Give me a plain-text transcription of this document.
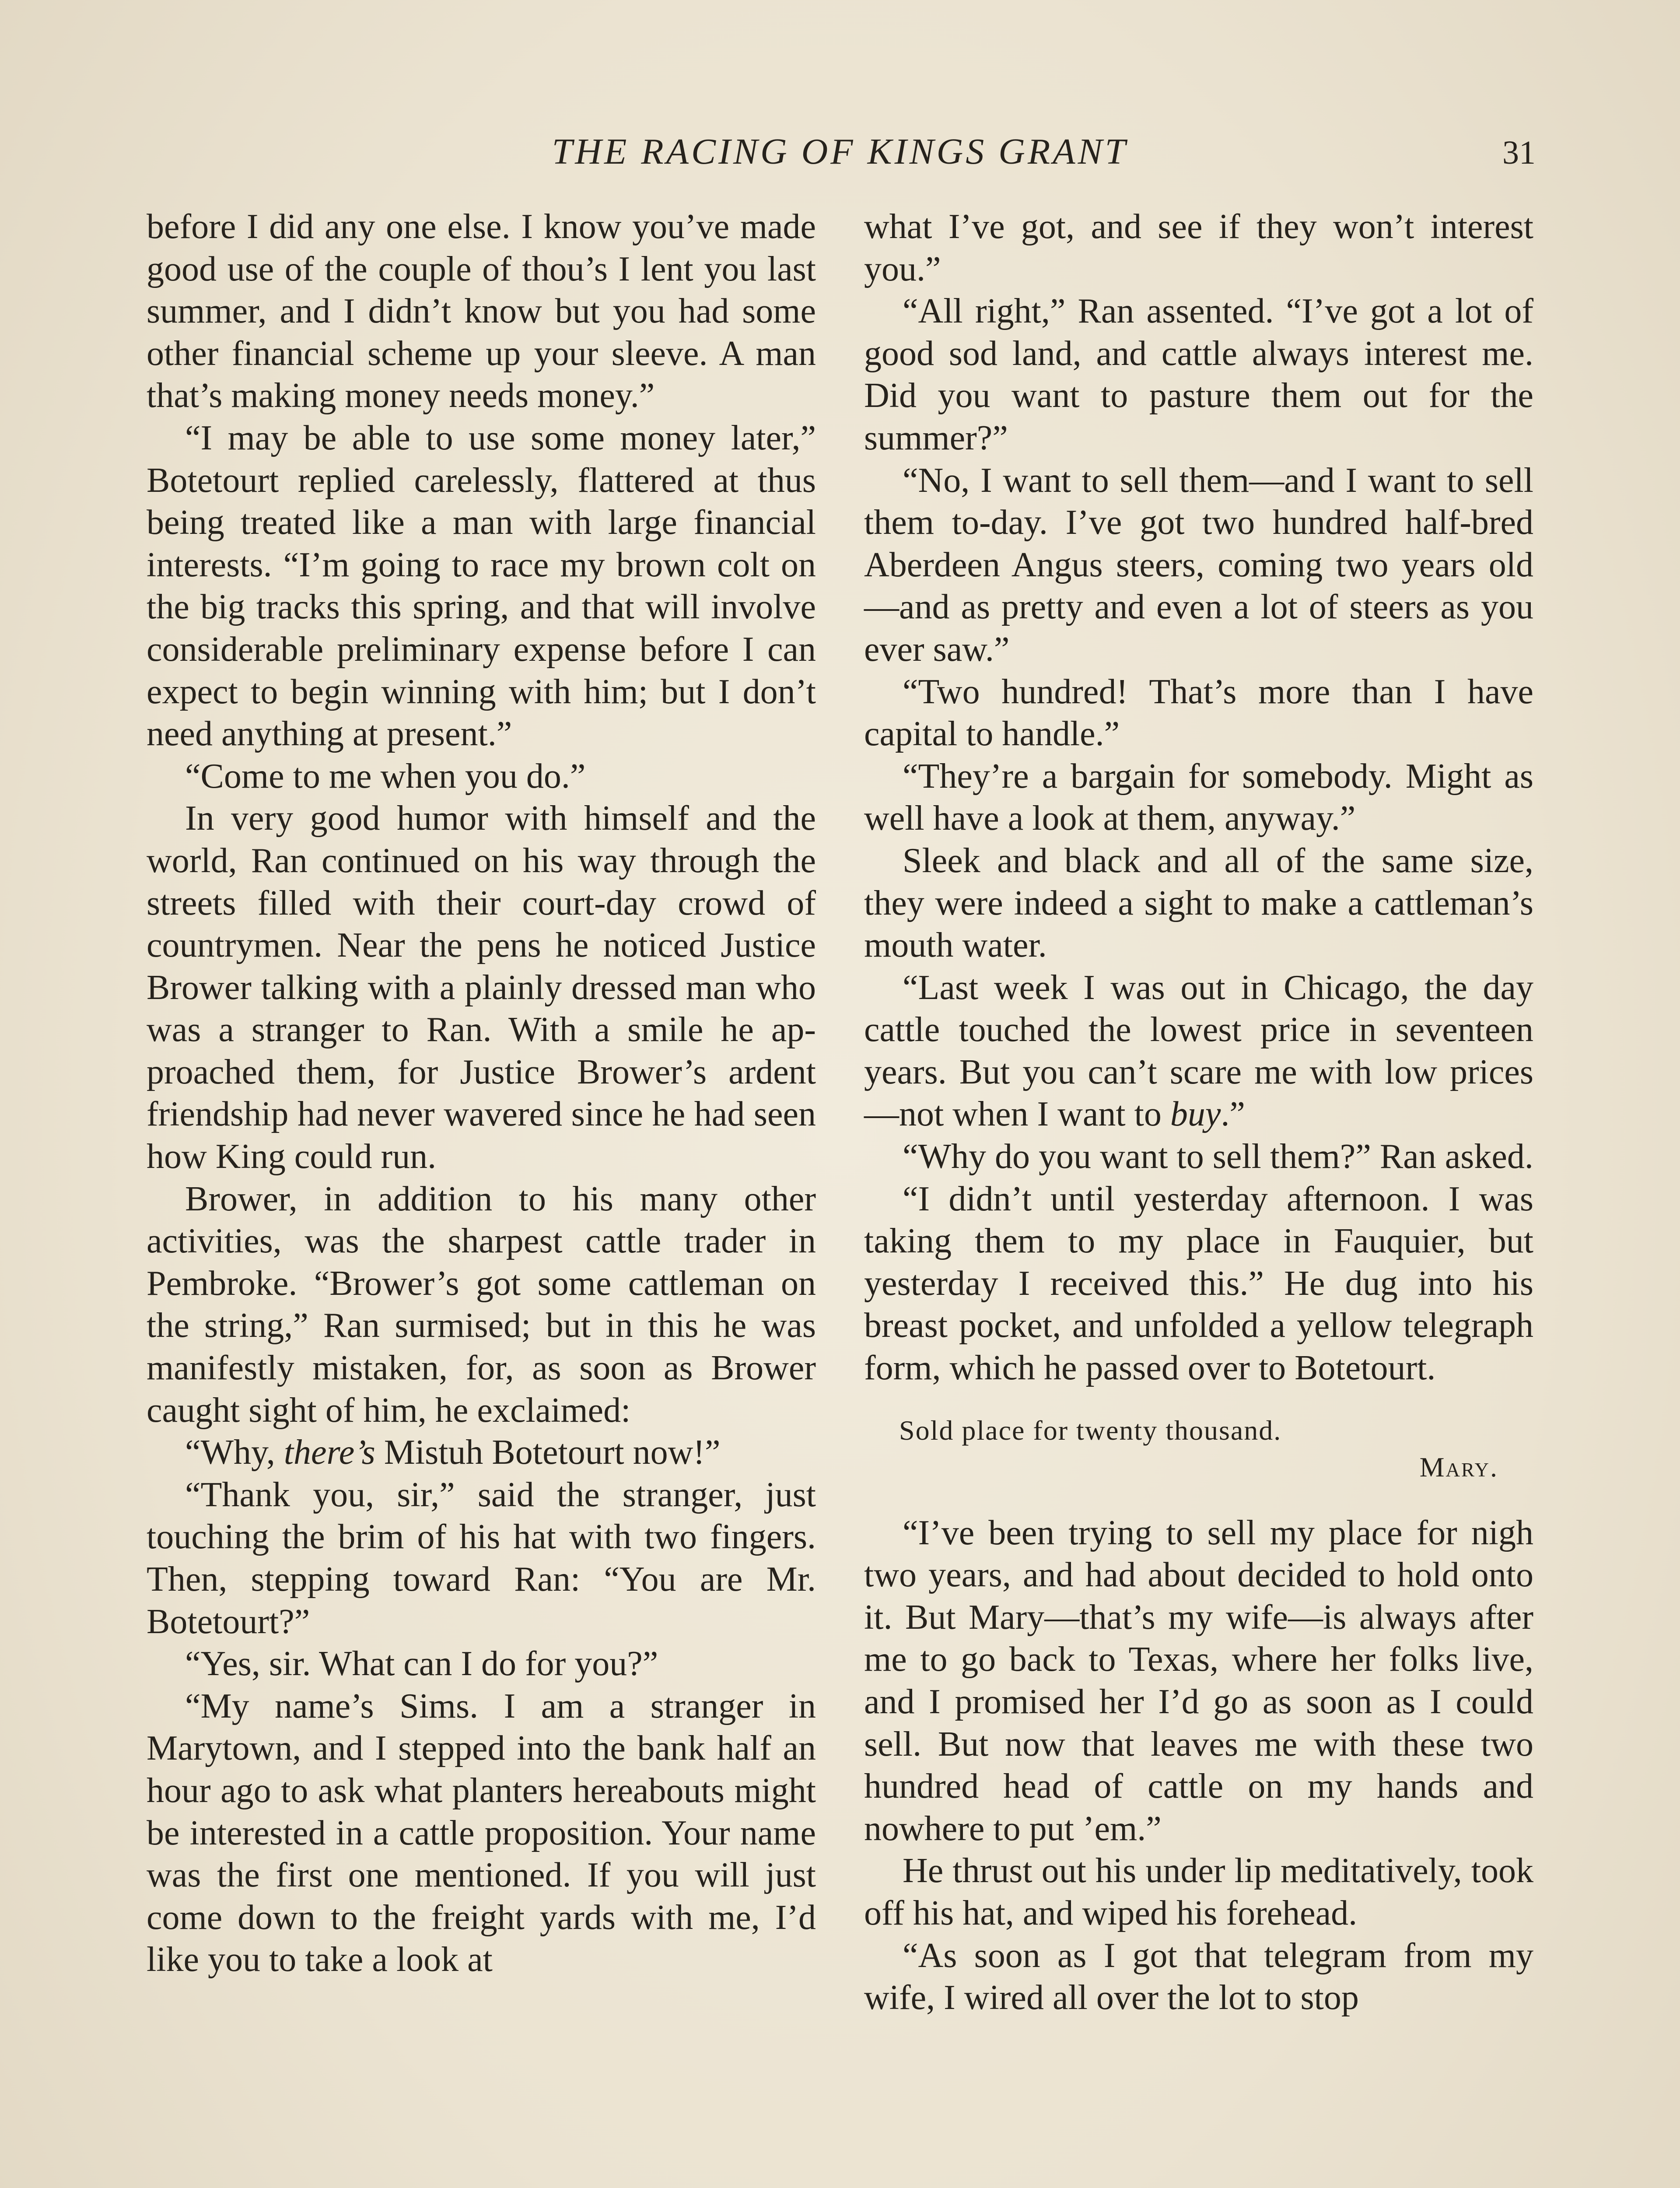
THE RACING OF KINGS GRANT	31

before I did any one else. I know you’ve made good use of the couple of thou’s I lent you last summer, and I didn’t know but you had some other financial scheme up your sleeve. A man that’s making money needs money.”

“I may be able to use some money later,” Botetourt replied carelessly, flattered at thus being treated like a man with large financial interests. “I’m going to race my brown colt on the big tracks this spring, and that will involve considerable preliminary expense before I can expect to begin winning with him; but I don’t need anything at present.”

“Come to me when you do.”

In very good humor with himself and the world, Ran continued on his way through the streets filled with their court-day crowd of countrymen. Near the pens he noticed Justice Brower talking with a plainly dressed man who was a stranger to Ran. With a smile he approached them, for Justice Brower’s ardent friendship had never wavered since he had seen how King could run.

Brower, in addition to his many other activities, was the sharpest cattle trader in Pembroke. “Brower’s got some cattleman on the string,” Ran surmised; but in this he was manifestly mistaken, for, as soon as Brower caught sight of him, he exclaimed:

“Why, there’s Mistuh Botetourt now!”

“Thank you, sir,” said the stranger, just touching the brim of his hat with two fingers. Then, stepping toward Ran: “You are Mr. Botetourt?”

“Yes, sir. What can I do for you?”

“My name’s Sims. I am a stranger in Marytown, and I stepped into the bank half an hour ago to ask what planters hereabouts might be interested in a cattle proposition. Your name was the first one mentioned. If you will just come down to the freight yards with me, I’d like you to take a look at

what I’ve got, and see if they won’t interest you.”

“All right,” Ran assented. “I’ve got a lot of good sod land, and cattle always interest me. Did you want to pasture them out for the summer?”

“No, I want to sell them—and I want to sell them to-day. I’ve got two hundred half-bred Aberdeen Angus steers, coming two years old—and as pretty and even a lot of steers as you ever saw.”

“Two hundred! That’s more than I have capital to handle.”

“They’re a bargain for somebody. Might as well have a look at them, anyway.”

Sleek and black and all of the same size, they were indeed a sight to make a cattleman’s mouth water.

“Last week I was out in Chicago, the day cattle touched the lowest price in seventeen years. But you can’t scare me with low prices—not when I want to buy.”

“Why do you want to sell them?” Ran asked.

“I didn’t until yesterday afternoon. I was taking them to my place in Fauquier, but yesterday I received this.” He dug into his breast pocket, and unfolded a yellow telegraph form, which he passed over to Botetourt.

Sold place for twenty thousand.
Mary.

“I’ve been trying to sell my place for nigh two years, and had about decided to hold onto it. But Mary—that’s my wife—is always after me to go back to Texas, where her folks live, and I promised her I’d go as soon as I could sell. But now that leaves me with these two hundred head of cattle on my hands and nowhere to put ’em.”

He thrust out his under lip meditatively, took off his hat, and wiped his forehead.

“As soon as I got that telegram from my wife, I wired all over the lot to stop
